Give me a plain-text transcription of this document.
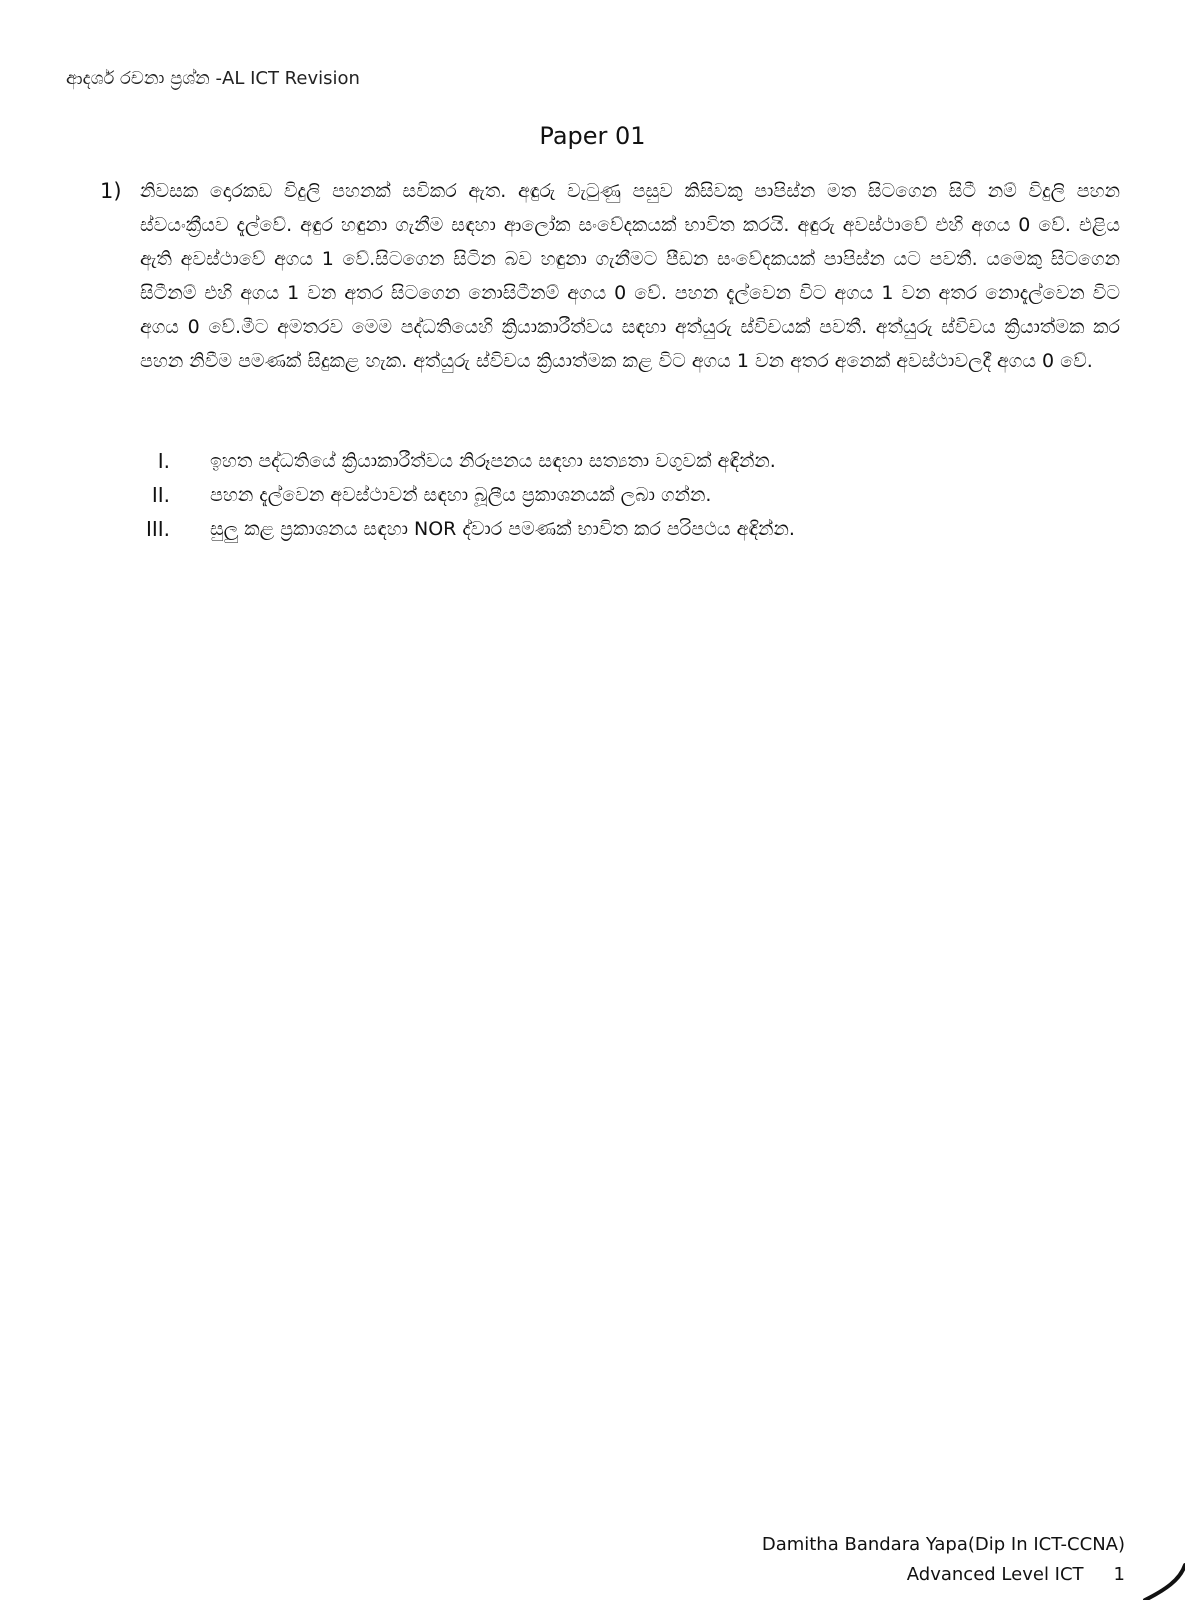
ආදර්ශ රචනා ප්‍රශ්න -AL ICT Revision
Paper 01
1) නිවසක දොරකඩ විදුලි පහනක් සවිකර ඇත. අඳුරු වැටුණු පසුව කිසිවකු පාපිස්න මත සිටගෙන සිටී නම් විදුලි පහන ස්වයංක්‍රීයව දැල්වේ. අඳුර හඳුනා ගැනීම සඳහා ආලෝක සංවේදකයක් භාවිත කරයි. අඳුරු අවස්ථාවේ එහි අගය 0 වේ. එළිය ඇති අවස්ථාවේ අගය 1 වේ.සිටගෙන සිටින බව හඳුනා ගැනීමට පීඩන සංවේදකයක් පාපිස්න යට පවතී. යමෙකු සිටගෙන සිටීනම් එහි අගය 1 වන අතර සිටගෙන නොසිටීනම් අගය 0 වේ. පහන දැල්වෙන විට අගය 1 වන අතර නොදැල්වෙන විට අගය 0 වේ.මීට අමතරව මෙම පද්ධතියෙහි ක්‍රියාකාරීත්වය සඳහා අත්යුරු ස්විචයක් පවතී. අත්යුරු ස්විචය ක්‍රියාත්මක කර පහන නිවීම පමණක් සිදුකළ හැක. අත්යුරු ස්විචය ක්‍රියාත්මක කළ විට අගය 1 වන අතර අනෙක් අවස්ථාවලදී අගය 0 වේ.
I. ඉහත පද්ධතියේ ක්‍රියාකාරීත්වය නිරූපනය සඳහා සත්‍යතා වගුවක් අඳින්න.
II. පහන දැල්වෙන අවස්ථාවන් සඳහා බූලීය ප්‍රකාශනයක් ලබා ගන්න.
III. සුලු කළ ප්‍රකාශනය සඳහා NOR ද්වාර පමණක් භාවිත කර පරිපථය අඳින්න.
Damitha Bandara Yapa(Dip In ICT-CCNA)
Advanced Level ICT 1
